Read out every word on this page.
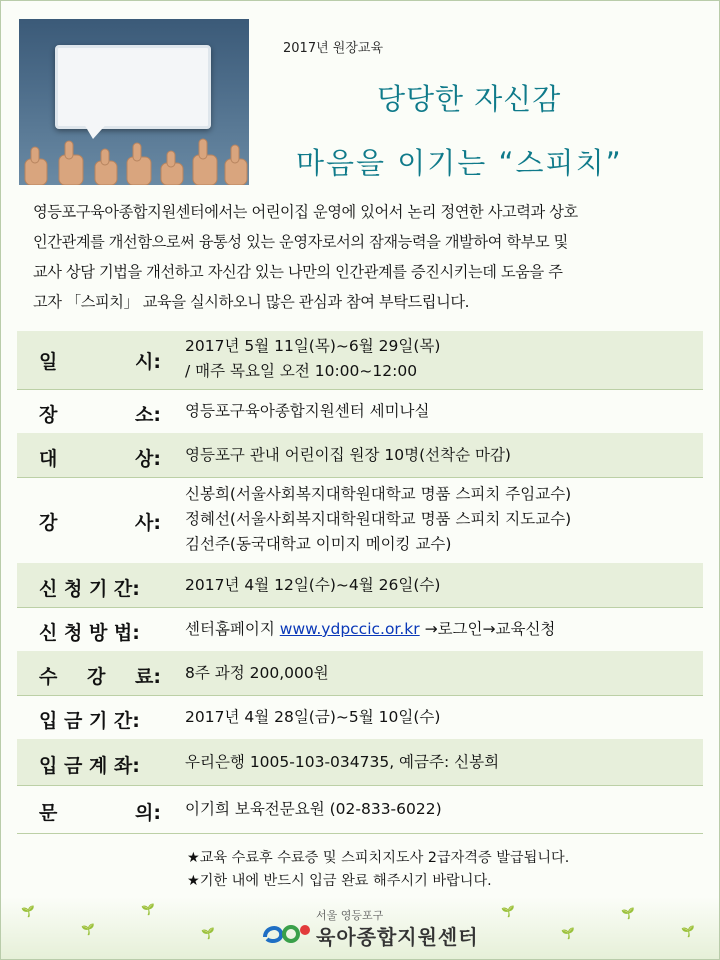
2017년 원장교육
당당한 자신감
마음을 이기는 “스피치”
영등포구육아종합지원센터에서는 어린이집 운영에 있어서 논리 정연한 사고력과 상호
인간관계를 개선함으로써 융통성 있는 운영자로서의 잠재능력을 개발하여 학부모 및
교사 상담 기법을 개선하고 자신감 있는 나만의 인간관계를 증진시키는데 도움을 주
고자 「스피치」 교육을 실시하오니 많은 관심과 참여 부탁드립니다.
일	시:
2017년 5월 11일(목)~6월 29일(목)
/ 매주 목요일 오전 10:00~12:00
장	소: 영등포구육아종합지원센터 세미나실
대	상: 영등포구 관내 어린이집 원장 10명(선착순 마감)
강	사:
신봉희(서울사회복지대학원대학교 명품 스피치 주임교수)
정혜선(서울사회복지대학원대학교 명품 스피치 지도교수)
김선주(동국대학교 이미지 메이킹 교수)
신 청 기 간:	2017년 4월 12일(수)~4월 26일(수)
신 청 방 법:	센터홈페이지 www.ydpccic.or.kr →로그인→교육신청
수 강 료: 8주 과정 200,000원
입 금 기 간:	2017년 4월 28일(금)~5월 10일(수)
입 금 계 좌:	우리은행 1005-103-034735, 예금주: 신봉희
문	의: 이기희 보육전문요원 (02-833-6022)
★교육 수료후 수료증 및 스피치지도사 2급자격증 발급됩니다.
★기한 내에 반드시 입금 완료 해주시기 바랍니다.
🌱
🌱
🌱
🌱
🌱
🌱
🌱
🌱
서울 영등포구
육아종합지원센터
